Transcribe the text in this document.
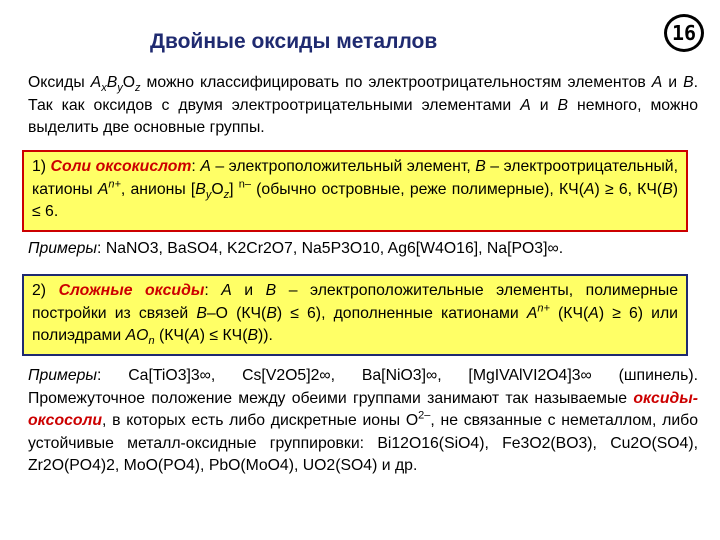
Двойные оксиды металлов	16
Оксиды $A_xB_yO_z$ можно классифицировать по электроотрицательностям элементов A и B. Так как оксидов с двумя электроотрицательными элементами A и B немного, можно выделить две основные группы.
1) Соли оксокислот: A – электроположительный элемент, B – электроотрицательный, катионы $A^{n+}$, анионы $[B_yO_z]$ $^{n-}$ (обычно островные, реже полимерные), КЧ(A) ≥ 6, КЧ(B) ≤ 6.
Примеры: NaNO3, BaSO4, K2Cr2O7, Na5P3O10, Ag6[W4O16], Na[PO3]∞.
2) Сложные оксиды: A и B – электроположительные элементы, полимерные постройки из связей B–O (КЧ(B) ≤ 6), дополненные катионами $A^{n+}$ (КЧ(A) ≥ 6) или полиэдрами $AO_n$ (КЧ(A) ≤ КЧ(B)).
Примеры: Ca[TiO3]3∞, Cs[V2O5]2∞, Ba[NiO3]∞, [MgIVAlVI2O4]3∞ (шпинель). Промежуточное положение между обеими группами занимают так называемые оксиды-оксосоли, в которых есть либо дискретные ионы $O^{2-}$, не связанные с неметаллом, либо устойчивые металл-оксидные группировки: Bi12O16(SiO4), Fe3O2(BO3), Cu2O(SO4), Zr2O(PO4)2, MoO(PO4), PbO(MoO4), UO2(SO4) и др.
